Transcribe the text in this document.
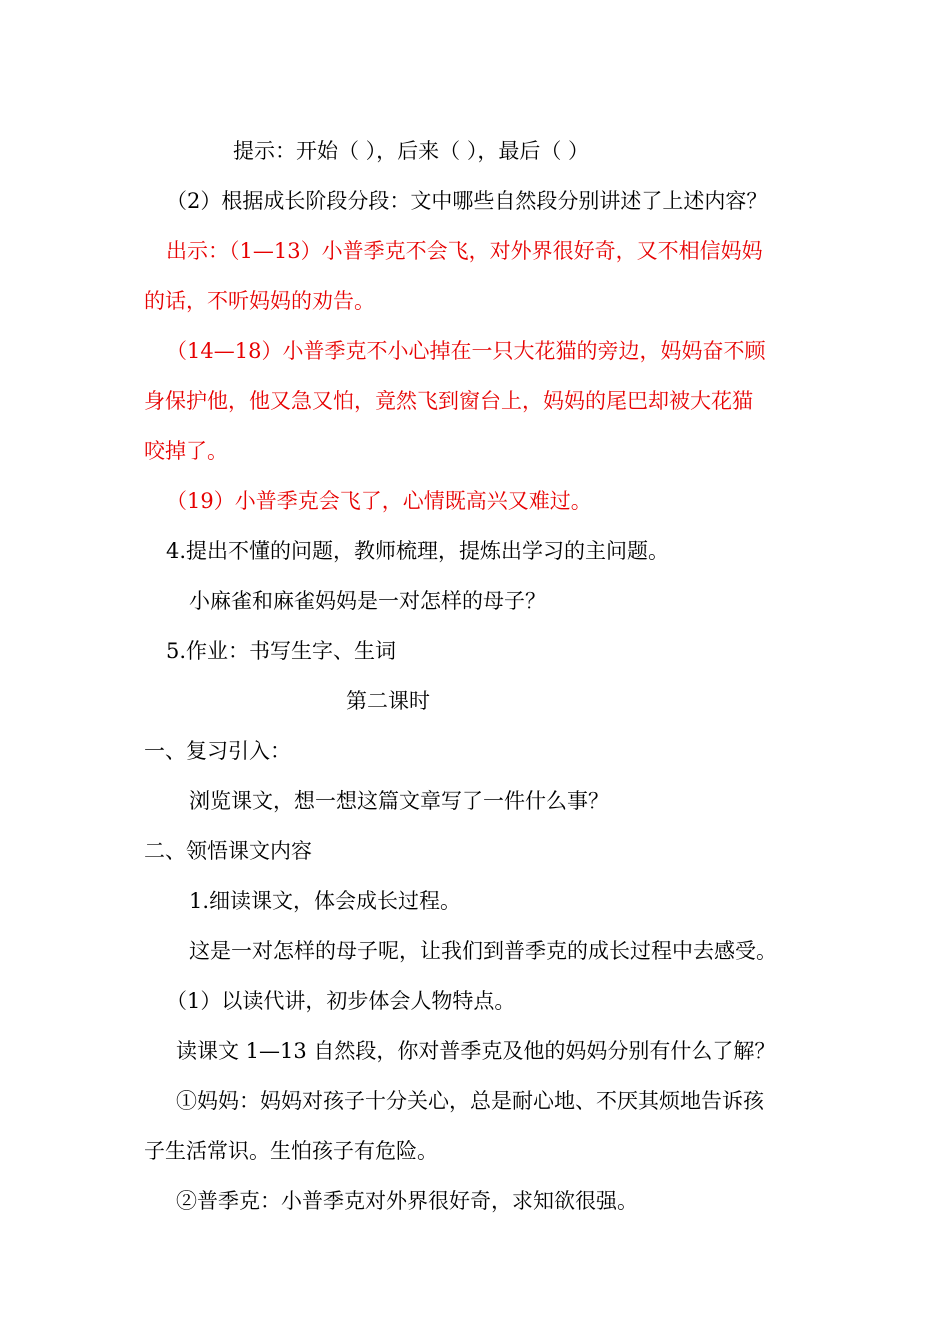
提示：开始（ ），后来（ ），最后（ ）

（2）根据成长阶段分段：文中哪些自然段分别讲述了上述内容？

出示：（1—13）小普季克不会飞，对外界很好奇，又不相信妈妈

的话，不听妈妈的劝告。

（14—18）小普季克不小心掉在一只大花猫的旁边，妈妈奋不顾

身保护他，他又急又怕，竟然飞到窗台上，妈妈的尾巴却被大花猫

咬掉了。

（19）小普季克会飞了，心情既高兴又难过。

4.提出不懂的问题，教师梳理，提炼出学习的主问题。

小麻雀和麻雀妈妈是一对怎样的母子？

5.作业：书写生字、生词

第二课时

一、复习引入：

浏览课文，想一想这篇文章写了一件什么事？

二、领悟课文内容

1.细读课文，体会成长过程。

这是一对怎样的母子呢，让我们到普季克的成长过程中去感受。

（1）以读代讲，初步体会人物特点。

读课文 1—13 自然段，你对普季克及他的妈妈分别有什么了解？

①妈妈：妈妈对孩子十分关心，总是耐心地、不厌其烦地告诉孩

子生活常识。生怕孩子有危险。

②普季克：小普季克对外界很好奇，求知欲很强。
